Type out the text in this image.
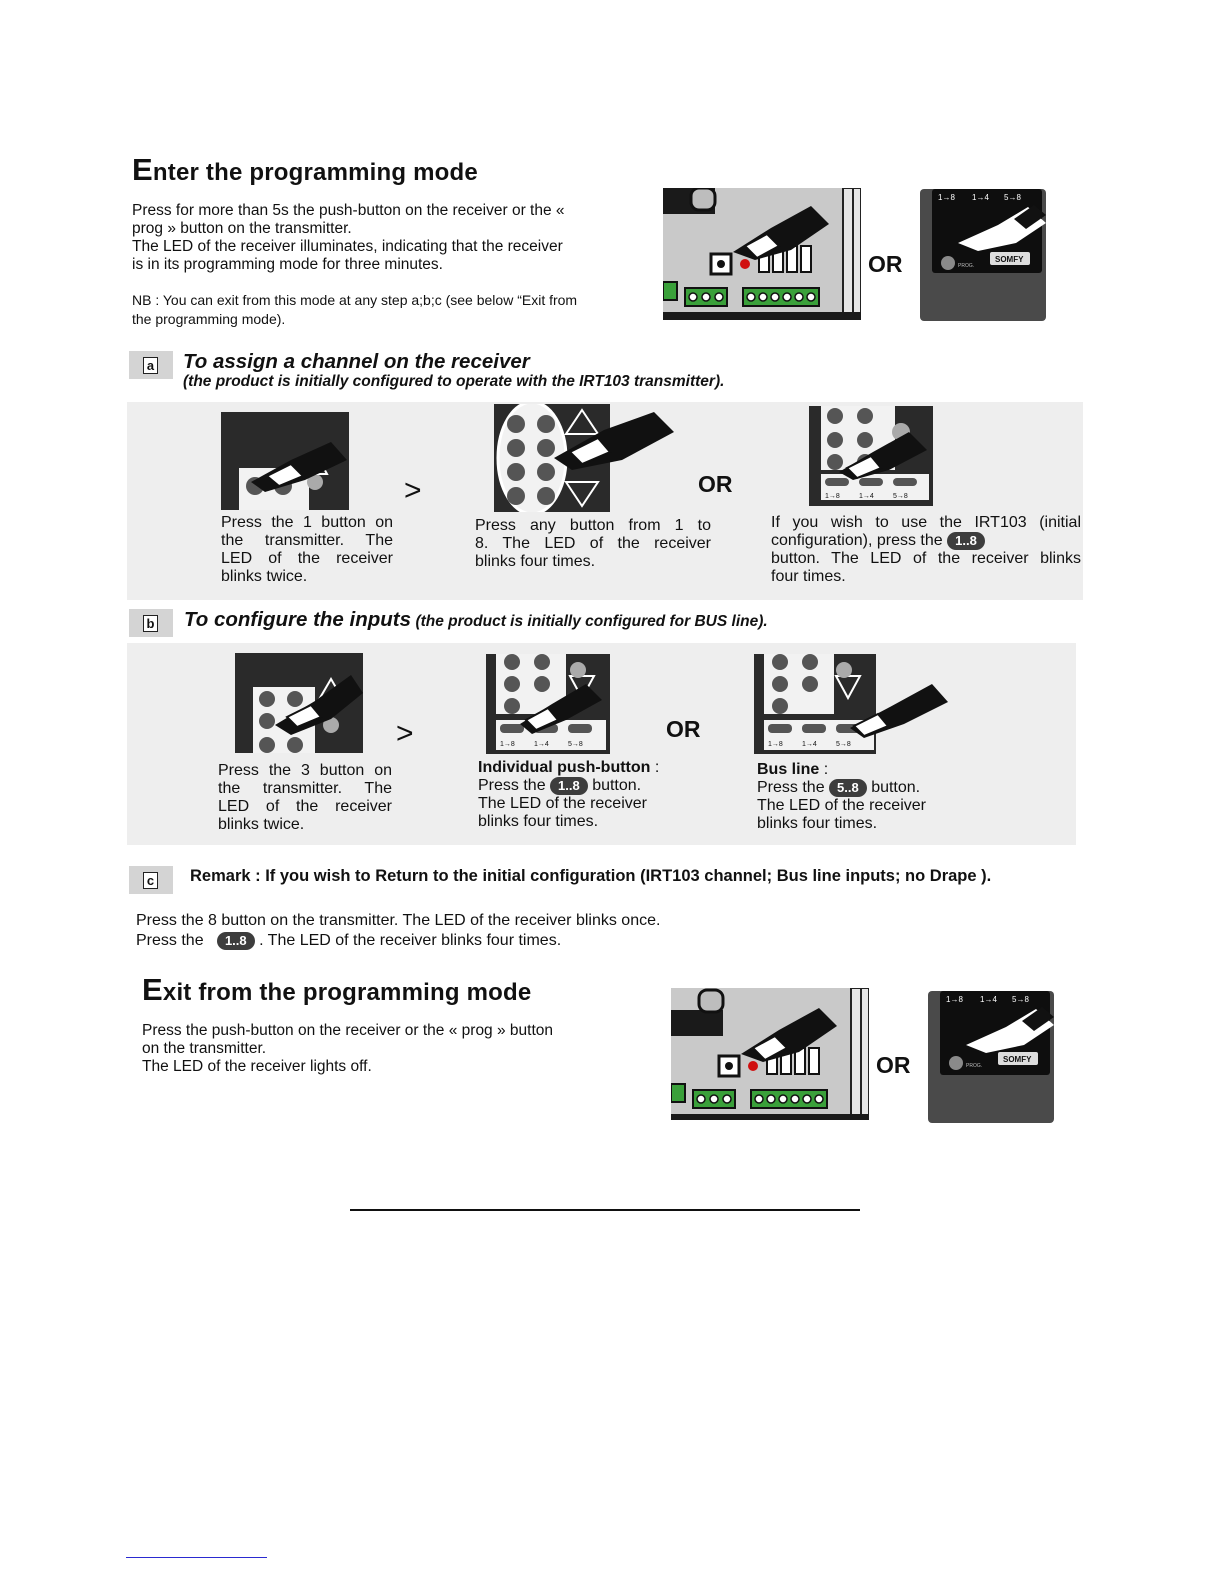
Enter the programming mode
Press for more than 5s the push-button on the receiver or the «
prog » button on the transmitter.
The LED of the receiver illuminates, indicating that the receiver
is in its programming mode for three minutes.
NB : You can exit from this mode at any step a;b;c (see below “Exit from
the programming mode).
OR
1→8 1→4 5→8
PROG.
SOMFY
a To assign a channel on the receiver
(the product is initially configured to operate with the IRT103 transmitter).
>
Press the 1 button on
the transmitter. The
LED of the receiver
blinks twice.
OR
Press any button from 1 to
8. The LED of the receiver
blinks four times.
1→8	1→4	5→8
If you wish to use the IRT103 (initial
configuration), press the 1..8
button. The LED of the receiver blinks
four times.
b To configure the inputs (the product is initially configured for BUS line).
>
Press the 3 button on
the transmitter. The
LED of the receiver
blinks twice.
1→8	1→4	5→8
OR
Individual push-button :
Press the 1..8 button.
The LED of the receiver
blinks four times.
1→8	1→4	5→8
Bus line :
Press the 5..8 button.
The LED of the receiver
blinks four times.
c Remark : If you wish to Return to the initial configuration (IRT103 channel; Bus line inputs; no Drape ).
Press the 8 button on the transmitter. The LED of the receiver blinks once.
Press the 1..8 . The LED of the receiver blinks four times.
Exit from the programming mode
Press the push-button on the receiver or the « prog » button
on the transmitter.
The LED of the receiver lights off.	OR
1→8 1→4 5→8
PROG.
SOMFY
